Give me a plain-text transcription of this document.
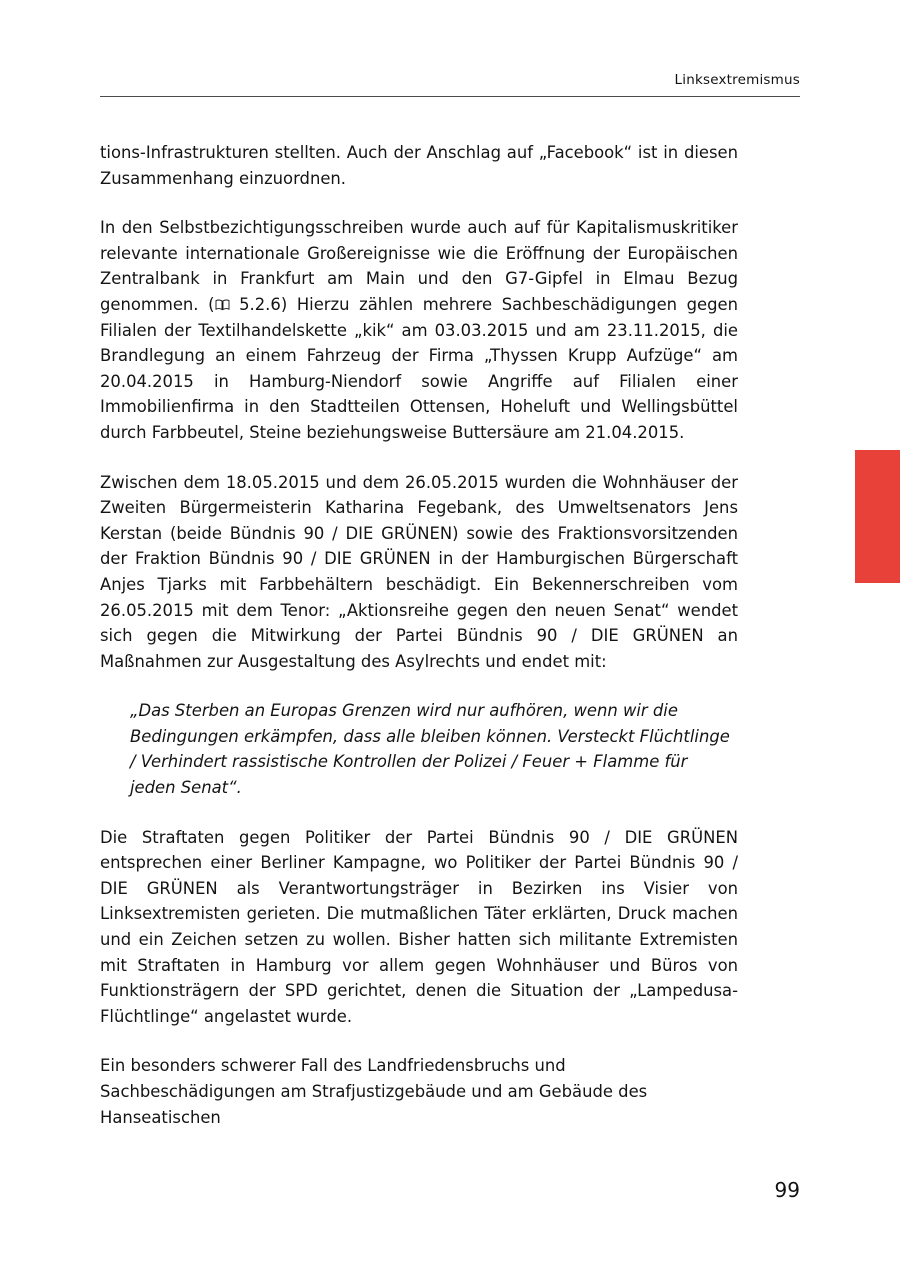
Linksextremismus

tions-Infrastrukturen stellten. Auch der Anschlag auf „Facebook“ ist in diesen Zusammenhang einzuordnen.

In den Selbstbezichtigungsschreiben wurde auch auf für Kapitalismuskritiker relevante internationale Großereignisse wie die Eröffnung der Europäischen Zentralbank in Frankfurt am Main und den G7-Gipfel in Elmau Bezug genommen. (
5.2.6) Hierzu zählen mehrere Sachbeschädigungen gegen Filialen der Textilhandelskette „kik“ am 03.03.2015 und am 23.11.2015, die Brandlegung an einem Fahrzeug der Firma „Thyssen Krupp Aufzüge“ am 20.04.2015 in Hamburg-Niendorf sowie Angriffe auf Filialen einer Immobilienfirma in den Stadtteilen Ottensen, Hoheluft und Wellingsbüttel durch Farbbeutel, Steine beziehungsweise Buttersäure am 21.04.2015.

Zwischen dem 18.05.2015 und dem 26.05.2015 wurden die Wohnhäuser der Zweiten Bürgermeisterin Katharina Fegebank, des Umweltsenators Jens Kerstan (beide Bündnis 90 / DIE GRÜNEN) sowie des Fraktionsvorsitzenden der Fraktion Bündnis 90 / DIE GRÜNEN in der Hamburgischen Bürgerschaft Anjes Tjarks mit Farbbehältern beschädigt. Ein Bekennerschreiben vom 26.05.2015 mit dem Tenor: „Aktionsreihe gegen den neuen Senat“ wendet sich gegen die Mitwirkung der Partei Bündnis 90 / DIE GRÜNEN an Maßnahmen zur Ausgestaltung des Asylrechts und endet mit:

„Das Sterben an Europas Grenzen wird nur aufhören, wenn wir die Bedingungen erkämpfen, dass alle bleiben können. Versteckt Flüchtlinge / Verhindert rassistische Kontrollen der Polizei / Feuer + Flamme für jeden Senat“.

Die Straftaten gegen Politiker der Partei Bündnis 90 / DIE GRÜNEN entsprechen einer Berliner Kampagne, wo Politiker der Partei Bündnis 90 / DIE GRÜNEN als Verantwortungsträger in Bezirken ins Visier von Linksextremisten gerieten. Die mutmaßlichen Täter erklärten, Druck machen und ein Zeichen setzen zu wollen. Bisher hatten sich militante Extremisten mit Straftaten in Hamburg vor allem gegen Wohnhäuser und Büros von Funktionsträgern der SPD gerichtet, denen die Situation der „Lampedusa-Flüchtlinge“ angelastet wurde.

Ein besonders schwerer Fall des Landfriedensbruchs und Sachbeschädigungen am Strafjustizgebäude und am Gebäude des Hanseatischen

99
